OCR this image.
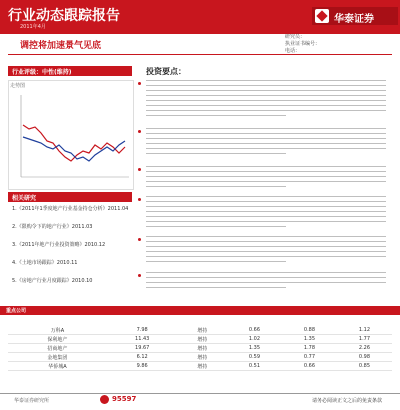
行业动态跟踪报告
2011年4月
华泰证券
调控将加速景气见底
研究员：
执业证书编号：
电话：
行业评级：中性(维持)
走势图
相关研究
1.《2011年1季度地产行业基金持仓分析》2011.04
2.《限购令下的地产行业》2011.03
3.《2011年地产行业投资策略》2010.12
4.《土地市场跟踪》2010.11
5.《房地产行业月度跟踪》2010.10
投资要点：
重点公司

万科A	7.98	增持	0.66	0.88	1.12				
保利地产	11.43	增持	1.02	1.35	1.77				
招商地产	19.67	增持	1.35	1.78	2.26				
金地集团	6.12	增持	0.59	0.77	0.98				
华侨城A	9.86	增持	0.51	0.66	0.85				
华泰证券研究所	95597	请务必阅读正文之后的免责条款
